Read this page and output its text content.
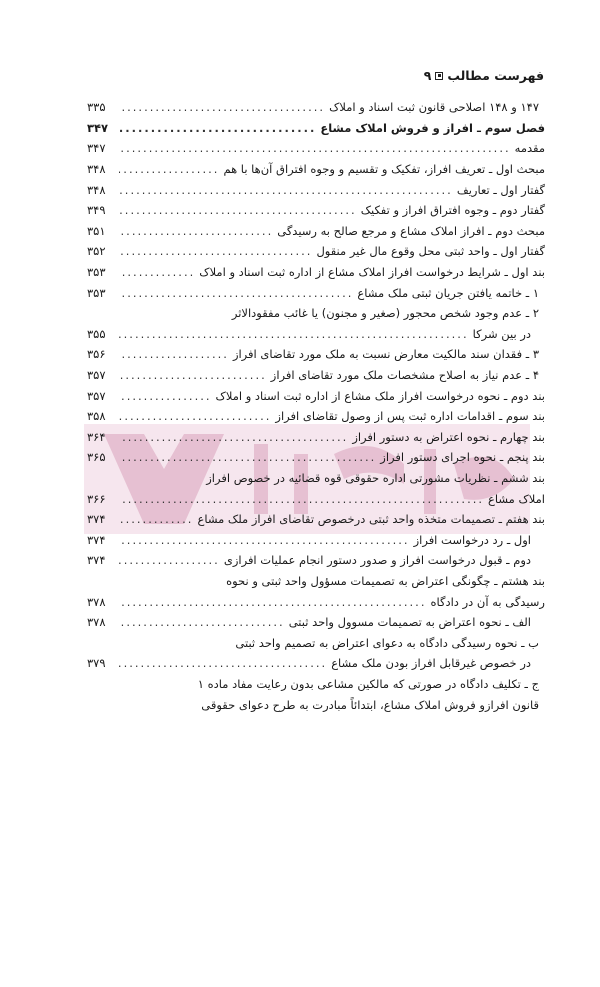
فهرست مطالب
۹
۱۴۷ و ۱۴۸ اصلاحی قانون ثبت اسناد و املاک
.....
۳۳۵
فصل سوم ـ افراز و فروش املاک مشاع
.....
۳۴۷
مقدمه
.....
۳۴۷
مبحث اول ـ تعریف افراز، تفکیک و تقسیم و وجوه افتراق آن‌ها با هم
.....
۳۴۸
گفتار اول ـ تعاریف
.....
۳۴۸
گفتار دوم ـ وجوه افتراق افراز و تفکیک
.....
۳۴۹
مبحث دوم ـ افراز املاک مشاع و مرجع صالح به رسیدگی
.....
۳۵۱
گفتار اول ـ واحد ثبتی محل وقوع مال غیر منقول
.....
۳۵۲
بند اول ـ شرایط درخواست افراز املاک مشاع از اداره ثبت اسناد و املاک
.....
۳۵۳
۱ ـ خاتمه یافتن جریان ثبتی ملک مشاع
.....
۳۵۳
۲ ـ عدم وجود شخص محجور (صغیر و مجنون) یا غائب مفقودالاثر
در بین شرکا
.....
۳۵۵
۳ ـ فقدان سند مالکیت معارض نسبت به ملک مورد تقاضای افراز
.....
۳۵۶
۴ ـ عدم نیاز به اصلاح مشخصات ملک مورد تقاضای افراز
.....
۳۵۷
بند دوم ـ نحوه درخواست افراز ملک مشاع از اداره ثبت اسناد و املاک
.....
۳۵۷
بند سوم ـ اقدامات اداره ثبت پس از وصول تقاضای افراز
.....
۳۵۸
بند چهارم ـ نحوه اعتراض به دستور افراز
.....
۳۶۴
بند پنجم ـ نحوه اجرای دستور افراز
.....
۳۶۵
بند ششم ـ نظریات مشورتی اداره حقوقی قوه قضائیه در خصوص افراز
املاک مشاع
.....
۳۶۶
بند هفتم ـ تصمیمات متخذه واحد ثبتی درخصوص تقاضای افراز ملک مشاع
.....
۳۷۴
اول ـ رد درخواست افراز
.....
۳۷۴
دوم ـ قبول درخواست افراز و صدور دستور انجام عملیات افرازی
.....
۳۷۴
بند هشتم ـ چگونگی اعتراض به تصمیمات مسؤول واحد ثبتی و نحوه
رسیدگی به آن در دادگاه
.....
۳۷۸
الف ـ نحوه اعتراض به تصمیمات مسوول واحد ثبتی
.....
۳۷۸
ب ـ نحوه رسیدگی دادگاه به دعوای اعتراض به تصمیم واحد ثبتی
در خصوص غیرقابل افراز بودن ملک مشاع
.....
۳۷۹
ج ـ تکلیف دادگاه در صورتی که مالکین مشاعی بدون رعایت مفاد ماده ۱
قانون افرازو فروش املاک مشاع، ابتدائاً مبادرت به طرح دعوای حقوقی
